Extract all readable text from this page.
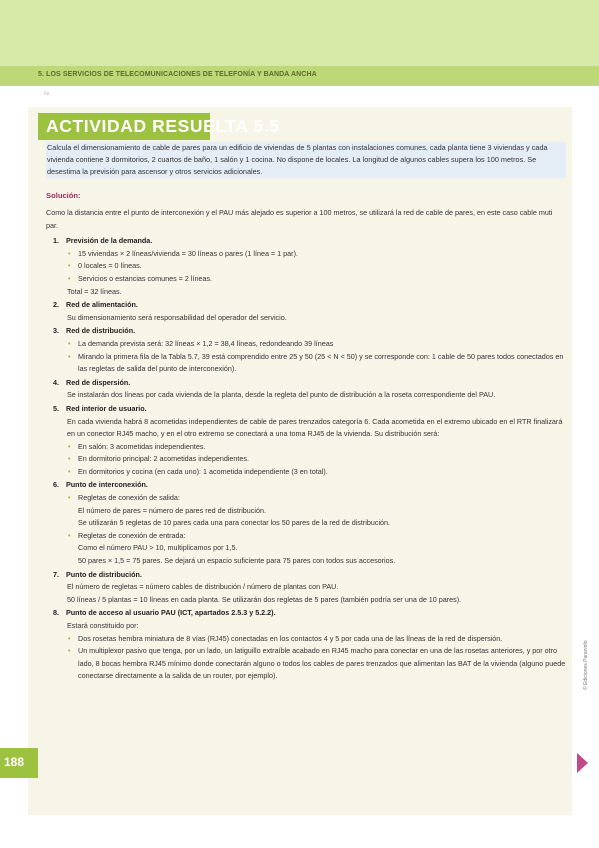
5. LOS SERVICIOS DE TELECOMUNICACIONES DE TELEFONÍA Y BANDA ANCHA
6e
ACTIVIDAD RESUELTA 5.5
Calcula el dimensionamiento de cable de pares para un edificio de viviendas de 5 plantas con instalaciones comunes, cada planta tiene 3 viviendas y cada vivienda contiene 3 dormitorios, 2 cuartos de baño, 1 salón y 1 cocina. No dispone de locales. La longitud de algunos cables supera los 100 metros. Se desestima la previsión para ascensor y otros servicios adicionales.
Solución:

Como la distancia entre el punto de interconexión y el PAU más alejado es superior a 100 metros, se utilizará la red de cable de pares, en este caso cable muti par.

1. Previsión de la demanda.

• 15 viviendas × 2 líneas/vivienda = 30 líneas o pares (1 línea = 1 par).

• 0 locales = 0 líneas.

• Servicios o estancias comunes = 2 líneas.

Total = 32 líneas.

2. Red de alimentación.

Su dimensionamiento será responsabilidad del operador del servicio.

3. Red de distribución.

• La demanda prevista será: 32 líneas × 1,2 = 38,4 líneas, redondeando 39 líneas

• Mirando la primera fila de la Tabla 5.7, 39 está comprendido entre 25 y 50 (25 < N < 50) y se corresponde con: 1 cable de 50 pares todos conectados en las regletas de salida del punto de interconexión).

4. Red de dispersión.

Se instalarán dos líneas por cada vivienda de la planta, desde la regleta del punto de distribución a la roseta correspondiente del PAU.

5. Red interior de usuario.

En cada vivienda habrá 8 acometidas independientes de cable de pares trenzados categoría 6. Cada acometida en el extremo ubicado en el RTR finalizará en un conector RJ45 macho, y en el otro extremo se conectará a una toma RJ45 de la vivienda. Su distribución será:

• En salón: 3 acometidas independientes.

• En dormitorio principal: 2 acometidas independientes.

• En dormitorios y cocina (en cada uno): 1 acometida independiente (3 en total).

6. Punto de interconexión.

• Regletas de conexión de salida:

El número de pares = número de pares red de distribución.

Se utilizarán 5 regletas de 10 pares cada una para conectar los 50 pares de la red de distribución.

• Regletas de conexión de entrada:

Como el número PAU > 10, multiplicamos por 1,5.

50 pares × 1,5 = 75 pares. Se dejará un espacio suficiente para 75 pares con todos sus accesorios.

7. Punto de distribución.

El número de regletas = número cables de distribución / número de plantas con PAU.

50 líneas / 5 plantas = 10 líneas en cada planta. Se utilizarán dos regletas de 5 pares (también podría ser una de 10 pares).

8. Punto de acceso al usuario PAU (ICT, apartados 2.5.3 y 5.2.2).

Estará constituido por:

• Dos rosetas hembra miniatura de 8 vías (RJ45) conectadas en los contactos 4 y 5 por cada una de las líneas de la red de dispersión.

• Un multiplexor pasivo que tenga, por un lado, un latiguillo extraíble acabado en RJ45 macho para conectar en una de las rosetas anteriores, y por otro lado, 8 bocas hembra RJ45 mínimo donde conectarán alguno o todos los cables de pares trenzados que alimentan las BAT de la vivienda (alguno puede conectarse directamente a la salida de un router, por ejemplo).

188
© Ediciones Paraninfo
